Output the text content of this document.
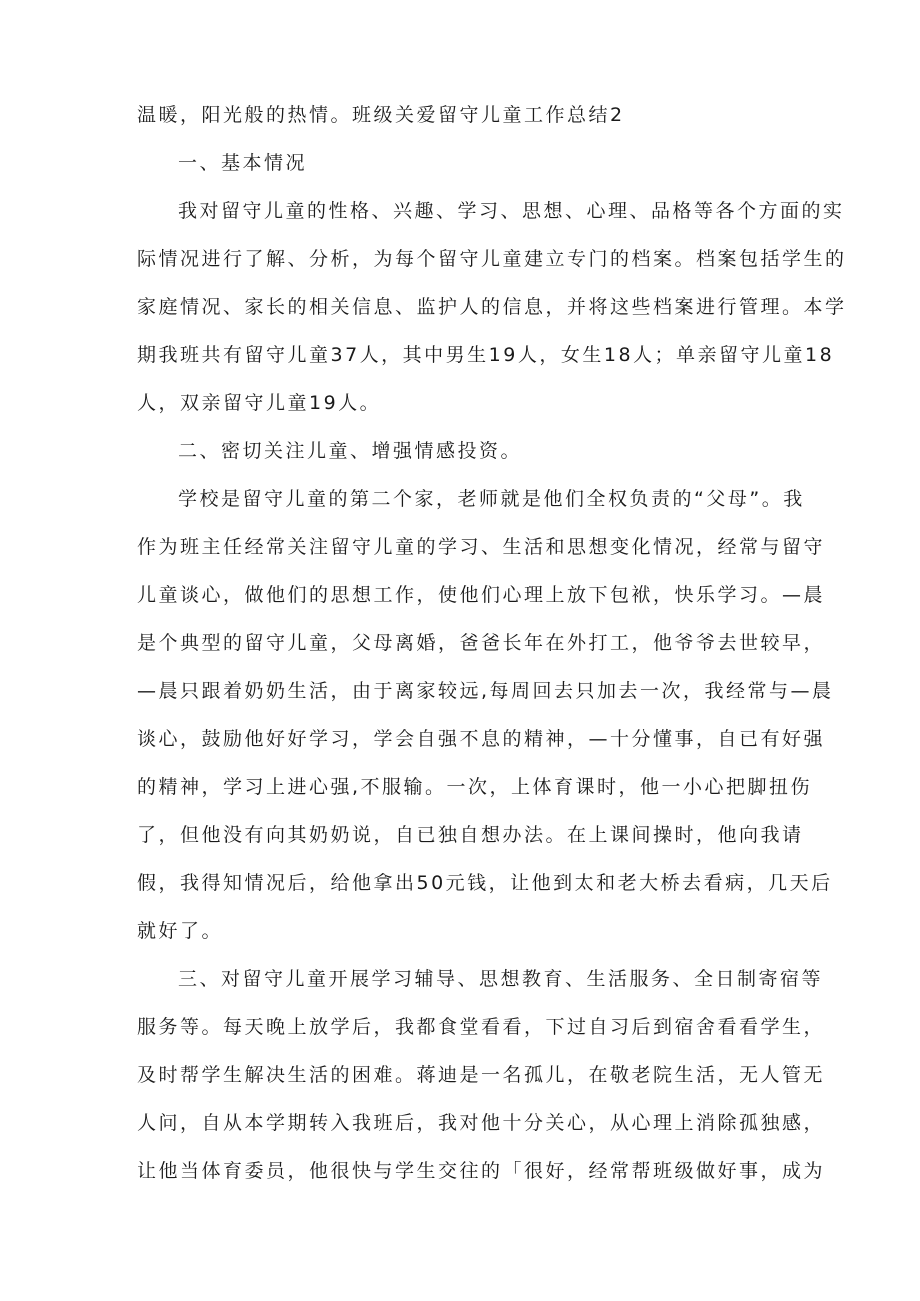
温暖，阳光般的热情。班级关爱留守儿童工作总结2

一、基本情况

我对留守儿童的性格、兴趣、学习、思想、心理、品格等各个方面的实

际情况进行了解、分析，为每个留守儿童建立专门的档案。档案包括学生的

家庭情况、家长的相关信息、监护人的信息，并将这些档案进行管理。本学

期我班共有留守儿童37人，其中男生19人，女生18人；单亲留守儿童18

人，双亲留守儿童19人。

二、密切关注儿童、增强情感投资。

学校是留守儿童的第二个家，老师就是他们全权负责的“父母”。我

作为班主任经常关注留守儿童的学习、生活和思想变化情况，经常与留守

儿童谈心，做他们的思想工作，使他们心理上放下包袱，快乐学习。—晨

是个典型的留守儿童，父母离婚，爸爸长年在外打工，他爷爷去世较早，

—晨只跟着奶奶生活，由于离家较远,每周回去只加去一次，我经常与—晨

谈心，鼓励他好好学习，学会自强不息的精神，—十分懂事，自已有好强

的精神，学习上进心强,不服输。一次，上体育课时，他一小心把脚扭伤

了，但他没有向其奶奶说，自已独自想办法。在上课间操时，他向我请

假，我得知情况后，给他拿出50元钱，让他到太和老大桥去看病，几天后

就好了。

三、对留守儿童开展学习辅导、思想教育、生活服务、全日制寄宿等

服务等。每天晚上放学后，我都食堂看看，下过自习后到宿舍看看学生，

及时帮学生解决生活的困难。蒋迪是一名孤儿，在敬老院生活，无人管无

人问，自从本学期转入我班后，我对他十分关心，从心理上消除孤独感，

让他当体育委员，他很快与学生交往的「很好，经常帮班级做好事，成为
